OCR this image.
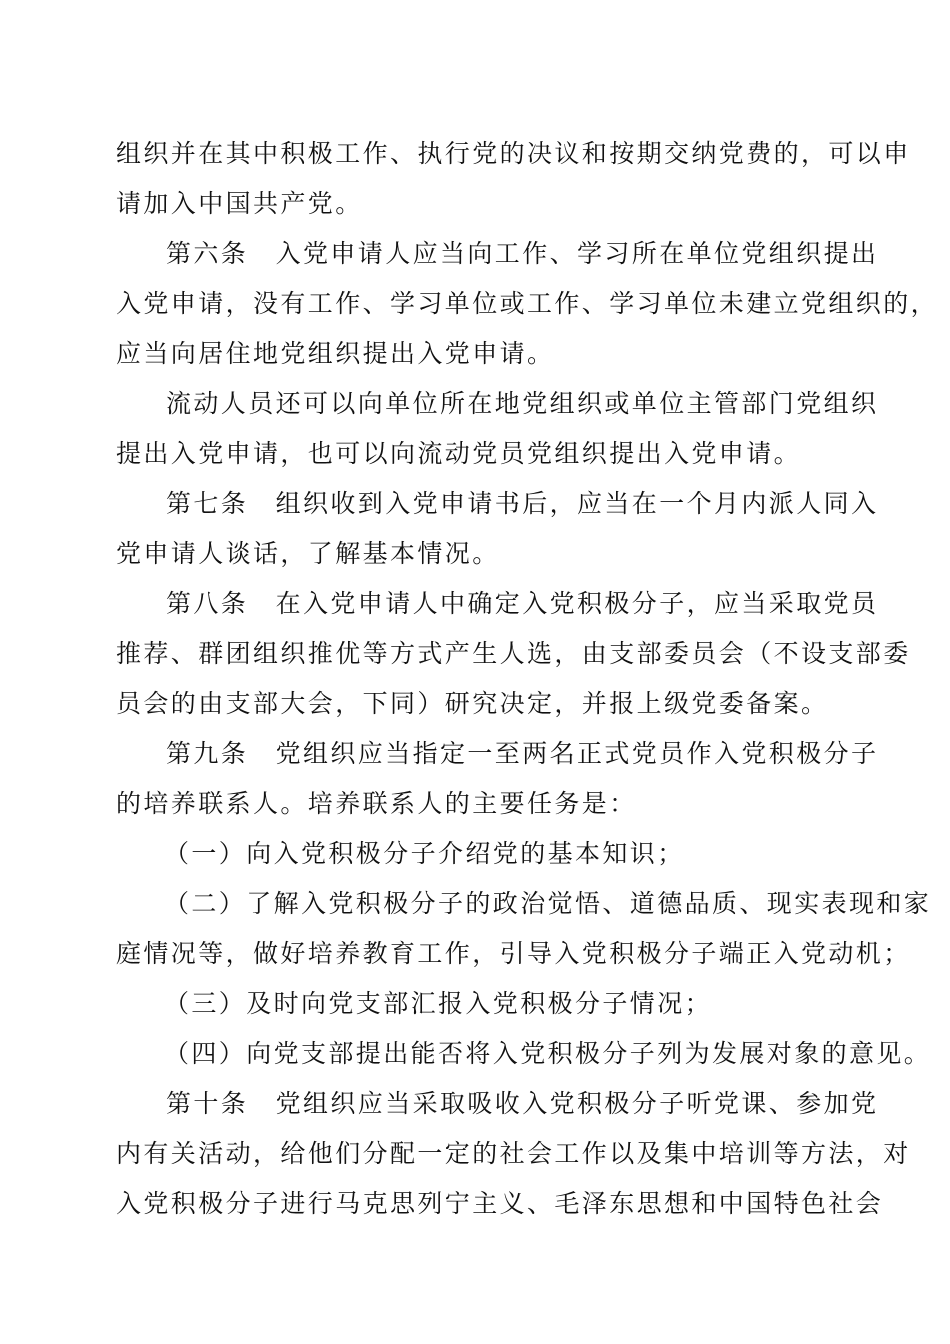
组织并在其中积极工作、执行党的决议和按期交纳党费的，可以申
请加入中国共产党。
第六条　入党申请人应当向工作、学习所在单位党组织提出
入党申请，没有工作、学习单位或工作、学习单位未建立党组织的，
应当向居住地党组织提出入党申请。
流动人员还可以向单位所在地党组织或单位主管部门党组织
提出入党申请，也可以向流动党员党组织提出入党申请。
第七条　组织收到入党申请书后，应当在一个月内派人同入
党申请人谈话，了解基本情况。
第八条　在入党申请人中确定入党积极分子，应当采取党员
推荐、群团组织推优等方式产生人选，由支部委员会（不设支部委
员会的由支部大会，下同）研究决定，并报上级党委备案。
第九条　党组织应当指定一至两名正式党员作入党积极分子
的培养联系人。培养联系人的主要任务是：
（一）向入党积极分子介绍党的基本知识；
（二）了解入党积极分子的政治觉悟、道德品质、现实表现和家
庭情况等，做好培养教育工作，引导入党积极分子端正入党动机；
（三）及时向党支部汇报入党积极分子情况；
（四）向党支部提出能否将入党积极分子列为发展对象的意见。
第十条　党组织应当采取吸收入党积极分子听党课、参加党
内有关活动，给他们分配一定的社会工作以及集中培训等方法，对
入党积极分子进行马克思列宁主义、毛泽东思想和中国特色社会
